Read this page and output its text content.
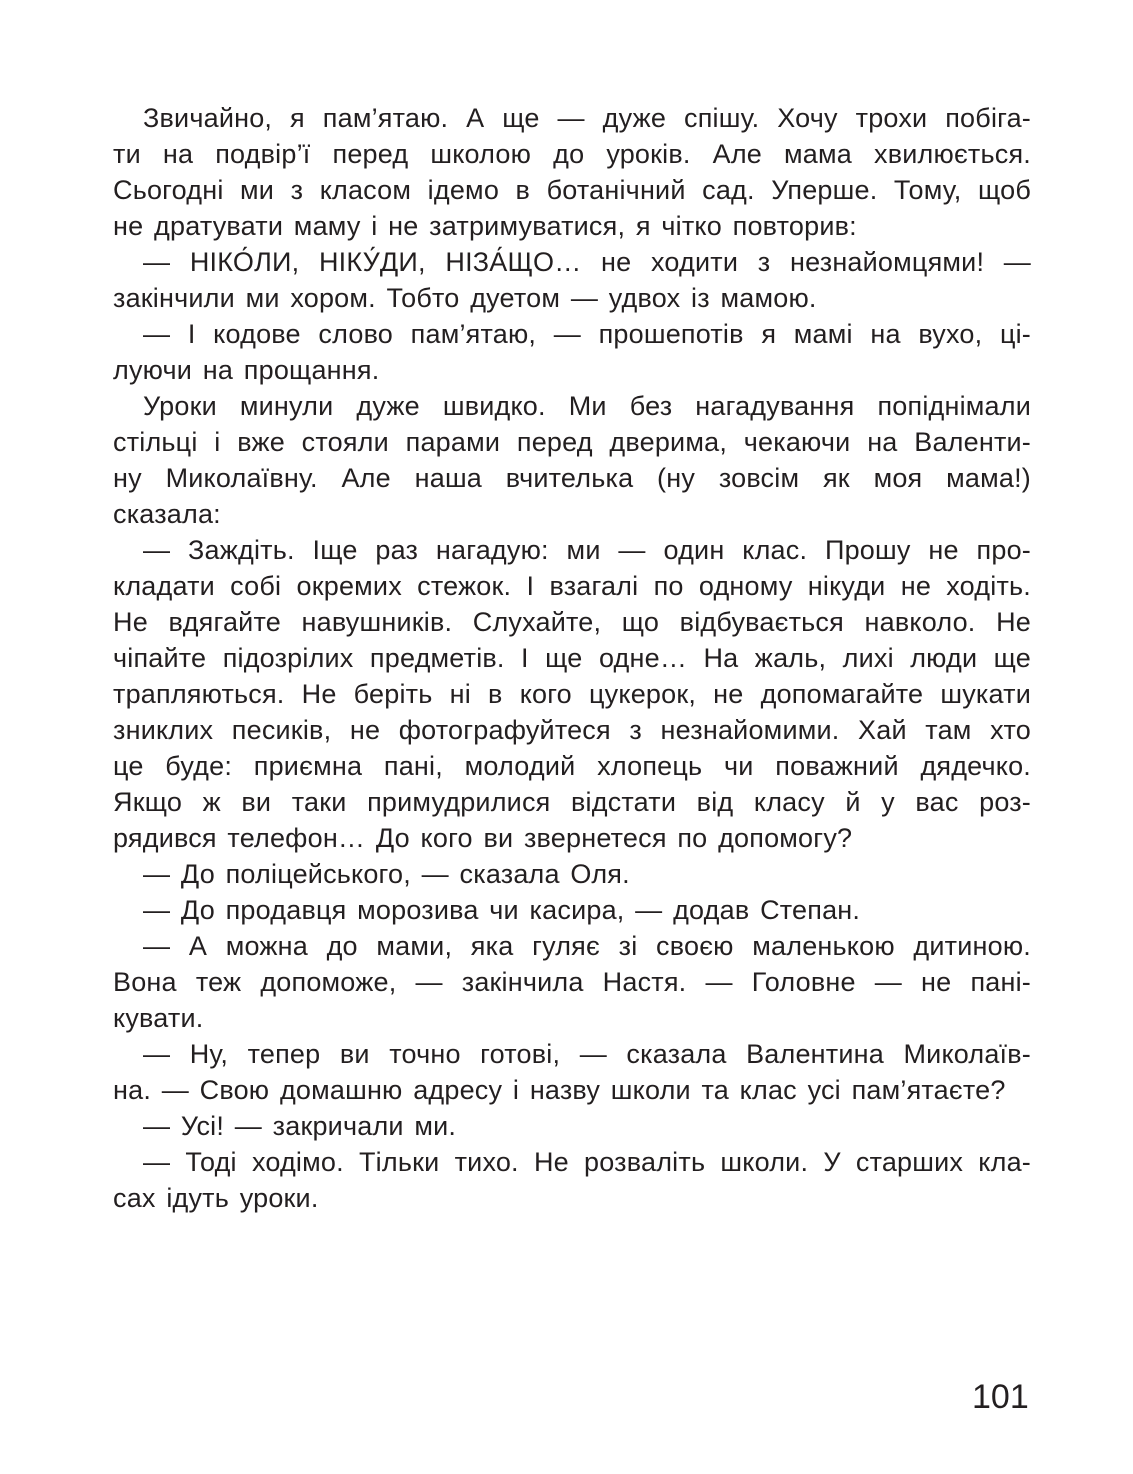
Звичайно, я пам’ятаю. А ще — дуже спішу. Хочу трохи побіга-
ти на подвір’ї перед школою до уроків. Але мама хвилюється.
Сьогодні ми з класом ідемо в ботанічний сад. Уперше. Тому, щоб
не дратувати маму і не затримуватися, я чітко повторив:
— НІКО́ЛИ, НІКУ́ДИ, НІЗА́ЩО… не ходити з незнайомцями! —
закінчили ми хором. Тобто дуетом — удвох із мамою.
— І кодове слово пам’ятаю, — прошепотів я мамі на вухо, ці-
луючи на прощання.
Уроки минули дуже швидко. Ми без нагадування попіднімали
стільці і вже стояли парами перед дверима, чекаючи на Валенти-
ну Миколаївну. Але наша вчителька (ну зовсім як моя мама!)
сказала:
— Заждіть. Іще раз нагадую: ми — один клас. Прошу не про-
кладати собі окремих стежок. І взагалі по одному нікуди не ходіть.
Не вдягайте навушників. Слухайте, що відбувається навколо. Не
чіпайте підозрілих предметів. І ще одне… На жаль, лихі люди ще
трапляються. Не беріть ні в кого цукерок, не допомагайте шукати
зниклих песиків, не фотографуйтеся з незнайомими. Хай там хто
це буде: приємна пані, молодий хлопець чи поважний дядечко.
Якщо ж ви таки примудрилися відстати від класу й у вас роз-
рядився телефон… До кого ви звернетеся по допомогу?
— До поліцейського, — сказала Оля.
— До продавця морозива чи касира, — додав Степан.
— А можна до мами, яка гуляє зі своєю маленькою дитиною.
Вона теж допоможе, — закінчила Настя. — Головне — не пані-
кувати.
— Ну, тепер ви точно готові, — сказала Валентина Миколаїв-
на. — Свою домашню адресу і назву школи та клас усі пам’ятаєте?
— Усі! — закричали ми.
— Тоді ходімо. Тільки тихо. Не розваліть школи. У старших кла-
сах ідуть уроки.
101
